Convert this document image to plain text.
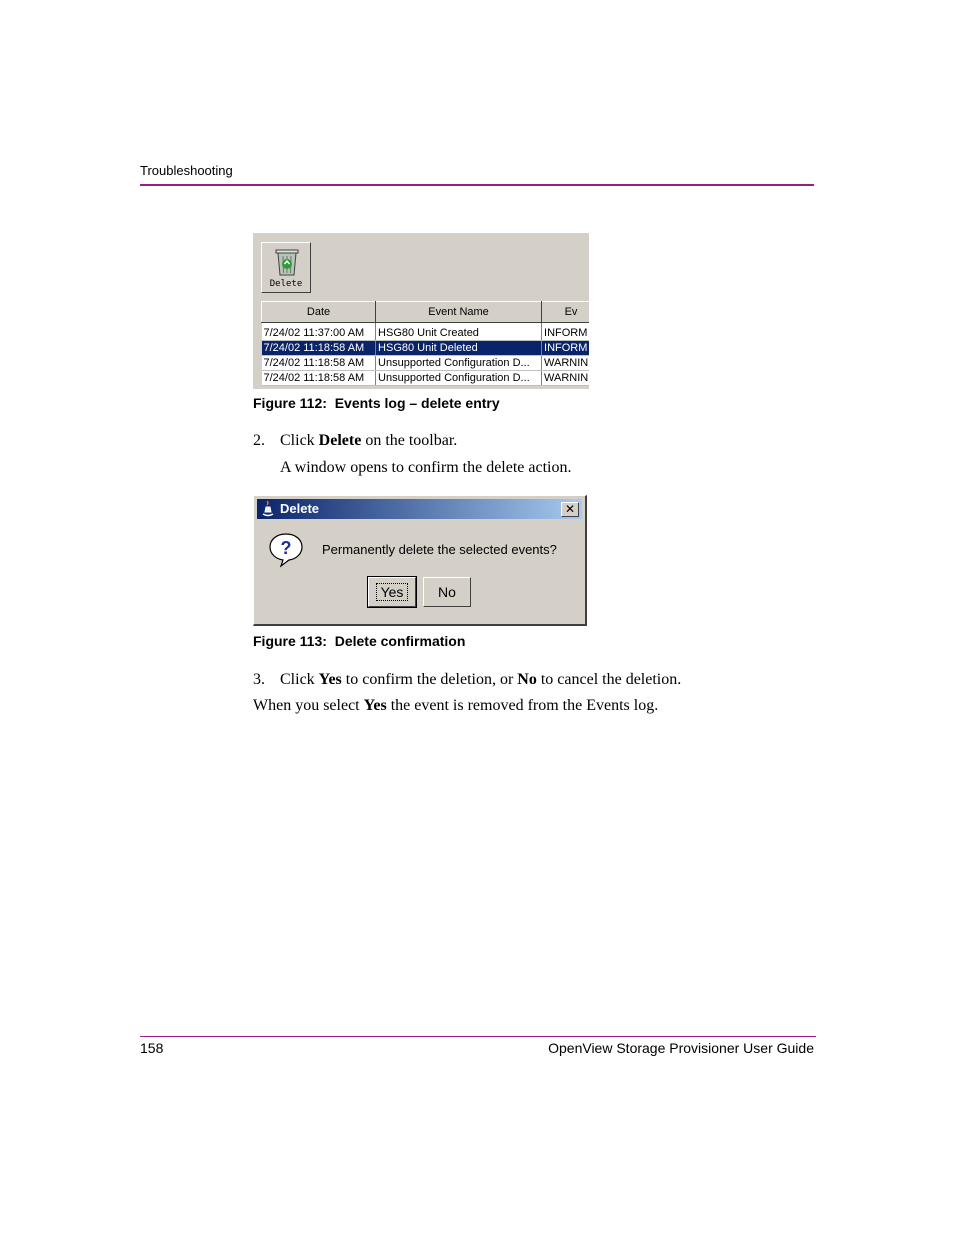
Troubleshooting
Delete
Date	Event Name	Ev

7/24/02 11:37:00 AM	HSG80 Unit Created	INFORM
7/24/02 11:18:58 AM	HSG80 Unit Deleted	INFORM
7/24/02 11:18:58 AM	Unsupported Configuration D...	WARNIN
7/24/02 11:18:58 AM	Unsupported Configuration D...	WARNIN
Figure 112: Events log – delete entry
2. Click Delete on the toolbar.
A window opens to confirm the delete action.
Delete	✕
? Permanently delete the selected events?
Yes	No
Figure 113: Delete confirmation
3. Click Yes to confirm the deletion, or No to cancel the deletion.
When you select Yes the event is removed from the Events log.
158	OpenView Storage Provisioner User Guide
